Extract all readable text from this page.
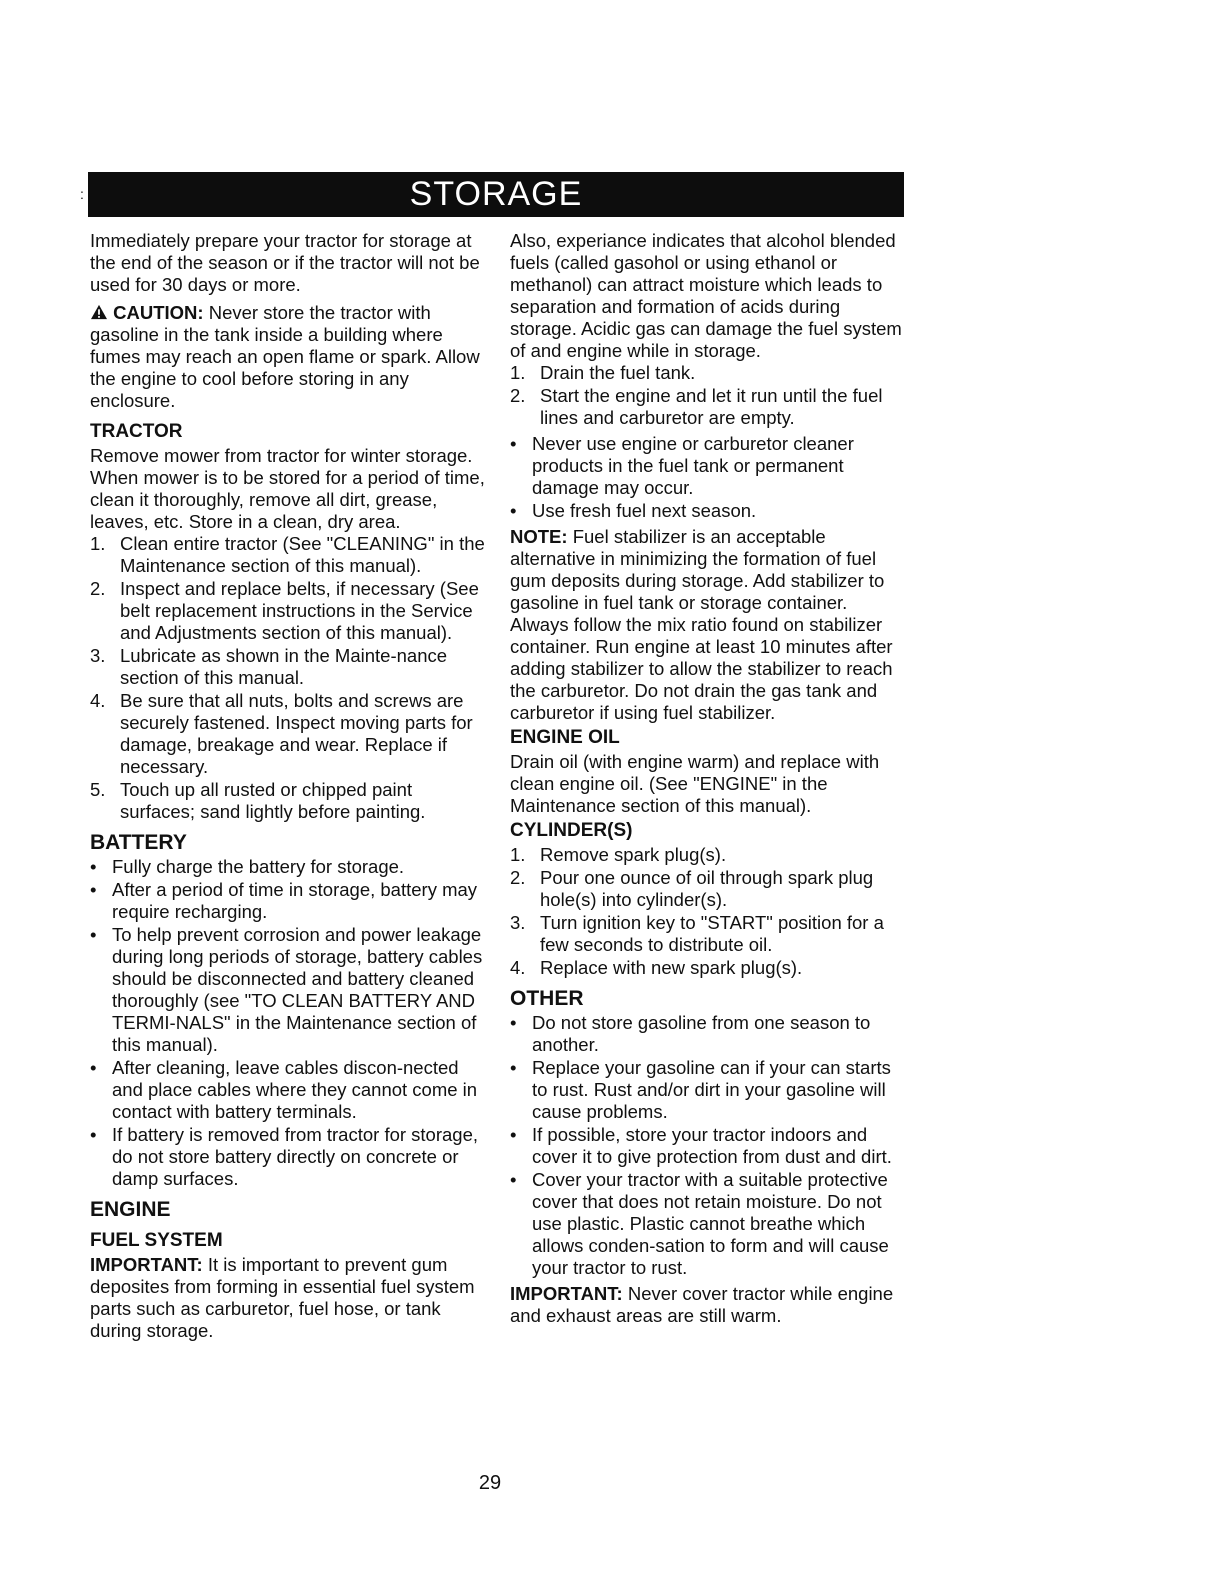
:	STORAGE

Immediately prepare your tractor for storage at the end of the season or if the tractor will not be used for 30 days or more.

CAUTION: Never store the tractor with gasoline in the tank inside a building where fumes may reach an open flame or spark. Allow the engine to cool before storing in any enclosure.

TRACTOR

Remove mower from tractor for winter storage. When mower is to be stored for a period of time, clean it thoroughly, remove all dirt, grease, leaves, etc. Store in a clean, dry area.

1. Clean entire tractor (See "CLEANING" in the Maintenance section of this manual).
2. Inspect and replace belts, if necessary (See belt replacement instructions in the Service and Adjustments section of this manual).
3. Lubricate as shown in the Mainte-nance section of this manual.
4. Be sure that all nuts, bolts and screws are securely fastened. Inspect moving parts for damage, breakage and wear. Replace if necessary.
5. Touch up all rusted or chipped paint surfaces; sand lightly before painting.
BATTERY
• Fully charge the battery for storage.
• After a period of time in storage, battery may require recharging.
• To help prevent corrosion and power leakage during long periods of storage, battery cables should be disconnected and battery cleaned thoroughly (see "TO CLEAN BATTERY AND TERMI-NALS" in the Maintenance section of this manual).
• After cleaning, leave cables discon-nected and place cables where they cannot come in contact with battery terminals.
• If battery is removed from tractor for storage, do not store battery directly on concrete or damp surfaces.
ENGINE
FUEL SYSTEM

IMPORTANT: It is important to prevent gum deposites from forming in essential fuel system parts such as carburetor, fuel hose, or tank during storage.

Also, experiance indicates that alcohol blended fuels (called gasohol or using ethanol or methanol) can attract moisture which leads to separation and formation of acids during storage. Acidic gas can damage the fuel system of and engine while in storage.

1. Drain the fuel tank.
2. Start the engine and let it run until the fuel lines and carburetor are empty.
• Never use engine or carburetor cleaner products in the fuel tank or permanent damage may occur.
• Use fresh fuel next season.

NOTE: Fuel stabilizer is an acceptable alternative in minimizing the formation of fuel gum deposits during storage. Add stabilizer to gasoline in fuel tank or storage container. Always follow the mix ratio found on stabilizer container. Run engine at least 10 minutes after adding stabilizer to allow the stabilizer to reach the carburetor. Do not drain the gas tank and carburetor if using fuel stabilizer.

ENGINE OIL

Drain oil (with engine warm) and replace with clean engine oil. (See "ENGINE" in the Maintenance section of this manual).

CYLINDER(S)
1. Remove spark plug(s).
2. Pour one ounce of oil through spark plug hole(s) into cylinder(s).
3. Turn ignition key to "START" position for a few seconds to distribute oil.
4. Replace with new spark plug(s).
OTHER
• Do not store gasoline from one season to another.
• Replace your gasoline can if your can starts to rust. Rust and/or dirt in your gasoline will cause problems.
• If possible, store your tractor indoors and cover it to give protection from dust and dirt.
• Cover your tractor with a suitable protective cover that does not retain moisture. Do not use plastic. Plastic cannot breathe which allows conden-sation to form and will cause your tractor to rust.

IMPORTANT: Never cover tractor while engine and exhaust areas are still warm.

29
